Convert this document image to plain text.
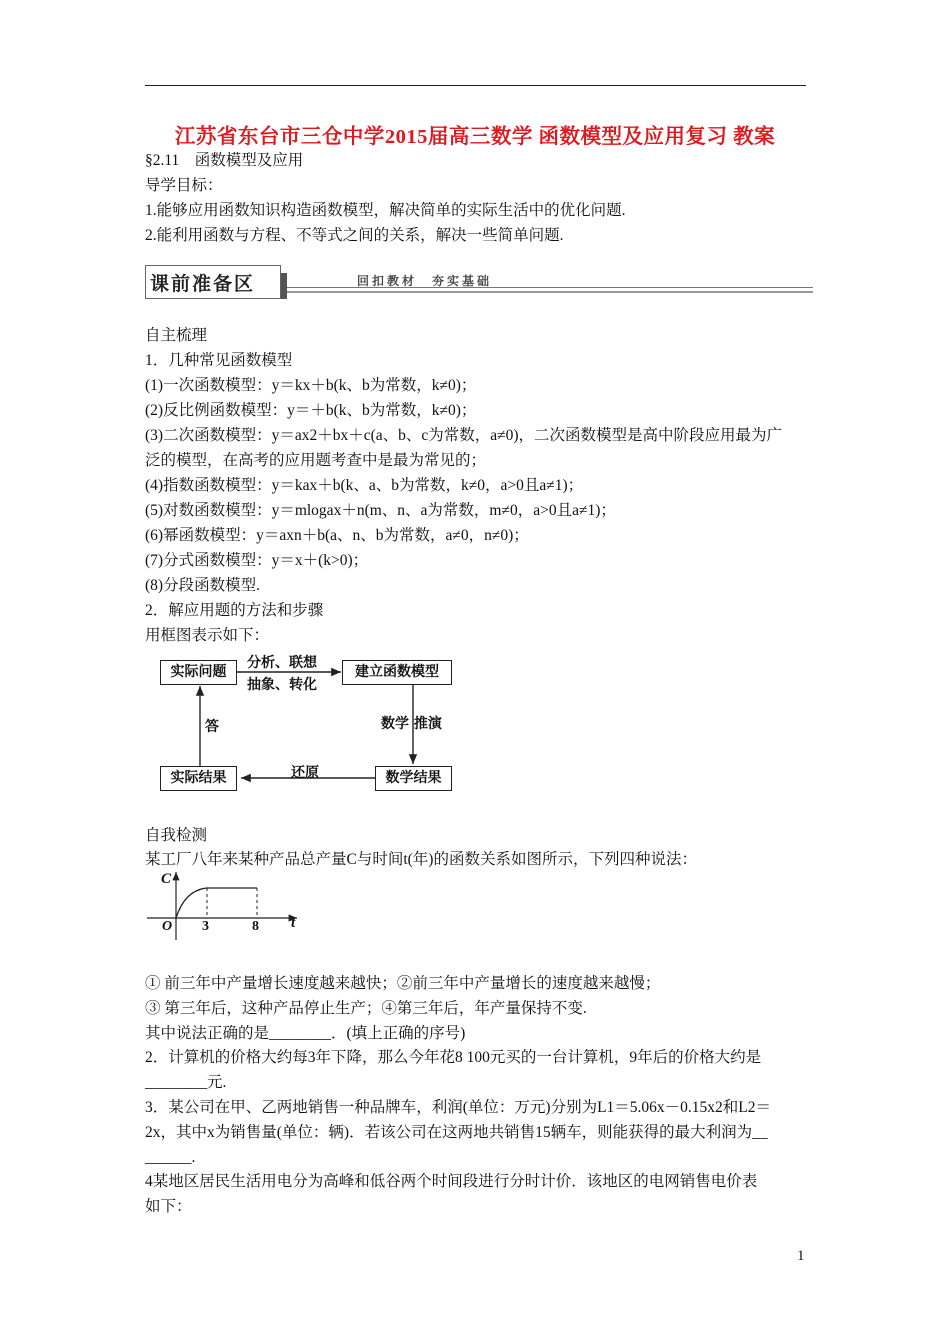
江苏省东台市三仓中学2015届高三数学 函数模型及应用复习 教案
§2.11　函数模型及应用
导学目标：
1.能够应用函数知识构造函数模型，解决简单的实际生活中的优化问题.
2.能利用函数与方程、不等式之间的关系，解决一些简单问题.
课前准备区	回扣教材　夯实基础
自主梳理
1．几种常见函数模型
(1)一次函数模型：y＝kx＋b(k、b为常数，k≠0)；
(2)反比例函数模型：y＝＋b(k、b为常数，k≠0)；
(3)二次函数模型：y＝ax2＋bx＋c(a、b、c为常数，a≠0)，二次函数模型是高中阶段应用最为广
泛的模型，在高考的应用题考查中是最为常见的；
(4)指数函数模型：y＝kax＋b(k、a、b为常数，k≠0，a>0且a≠1)；
(5)对数函数模型：y＝mlogax＋n(m、n、a为常数，m≠0，a>0且a≠1)；
(6)幂函数模型：y＝axn＋b(a、n、b为常数，a≠0，n≠0)；
(7)分式函数模型：y＝x＋(k>0)；
(8)分段函数模型.
2．解应用题的方法和步骤
用框图表示如下：
实际问题	建立函数模型
数学结果
实际结果
分析、联想
抽象、转化
数学 推演
还原
答
自我检测
某工厂八年来某种产品总产量C与时间t(年)的函数关系如图所示，下列四种说法：
C
t
O 3	8
① 前三年中产量增长速度越来越快；②前三年中产量增长的速度越来越慢；
③ 第三年后，这种产品停止生产；④第三年后，年产量保持不变.
其中说法正确的是________．(填上正确的序号)
2．计算机的价格大约每3年下降，那么今年花8 100元买的一台计算机，9年后的价格大约是
________元.
3．某公司在甲、乙两地销售一种品牌车，利润(单位：万元)分别为L1＝5.06x－0.15x2和L2＝
2x，其中x为销售量(单位：辆)．若该公司在这两地共销售15辆车，则能获得的最大利润为__
______.
4某地区居民生活用电分为高峰和低谷两个时间段进行分时计价．该地区的电网销售电价表
如下：
1
